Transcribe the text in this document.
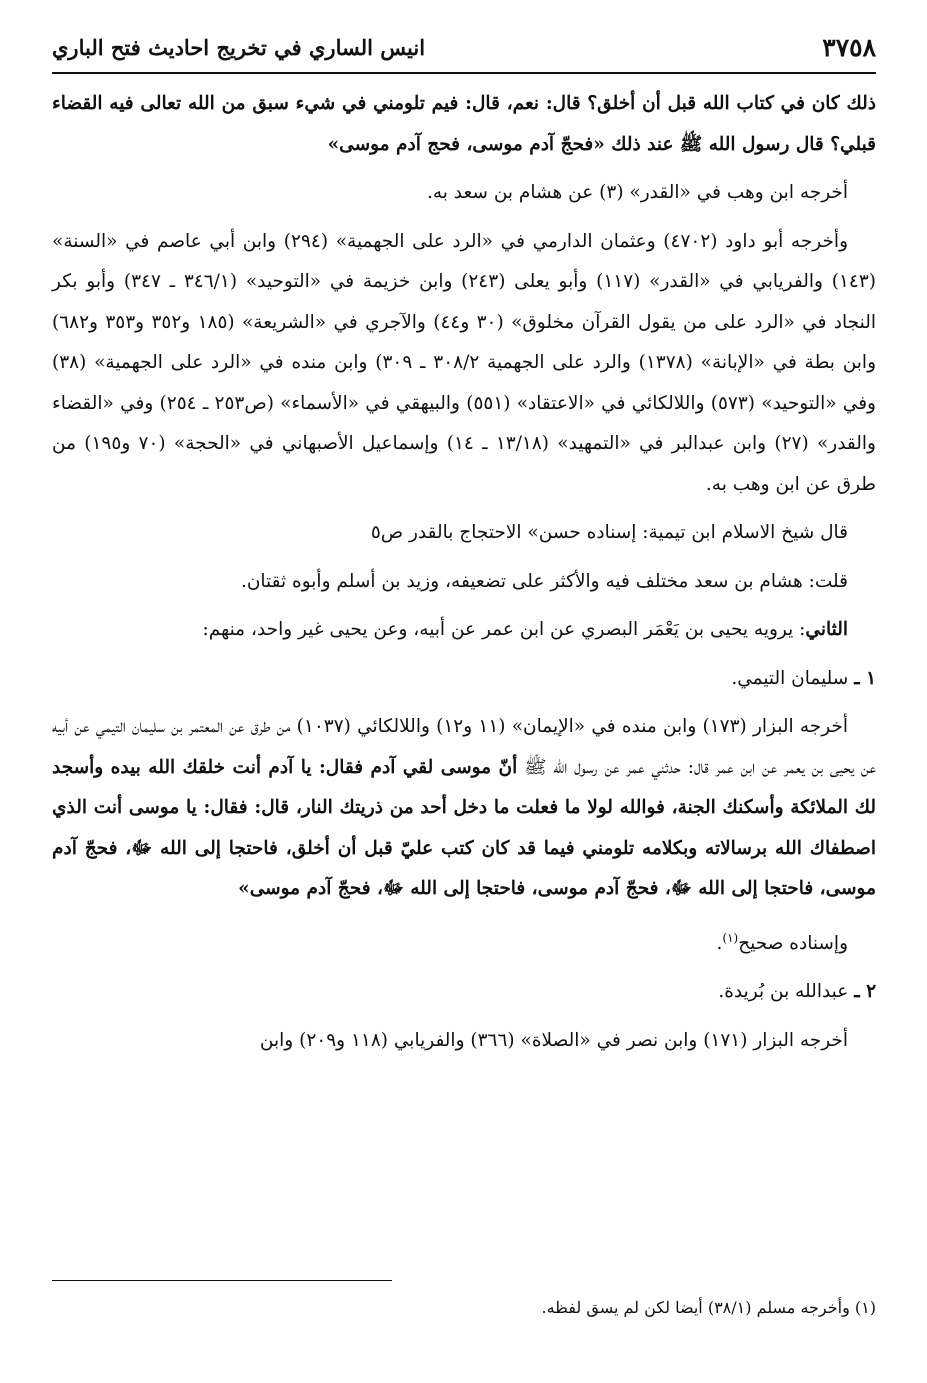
٣٧٥٨
انيس الساري في تخريج احاديث فتح الباري

ذلك كان في كتاب الله قبل أن أخلق؟ قال: نعم، قال: فيم تلومني في شيء سبق من الله تعالى فيه القضاء قبلي؟ قال رسول الله ﷺ عند ذلك «فحجّ آدم موسى، فحج آدم موسى»

أخرجه ابن وهب في «القدر» (٣) عن هشام بن سعد به.

وأخرجه أبو داود (٤٧٠٢) وعثمان الدارمي في «الرد على الجهمية» (٢٩٤) وابن أبي عاصم في «السنة» (١٤٣) والفريابي في «القدر» (١١٧) وأبو يعلى (٢٤٣) وابن خزيمة في «التوحيد» (٣٤٦/١ ـ ٣٤٧) وأبو بكر النجاد في «الرد على من يقول القرآن مخلوق» (٣٠ و٤٤) والآجري في «الشريعة» (١٨٥ و٣٥٢ و٣٥٣ و٦٨٢) وابن بطة في «الإبانة» (١٣٧٨) والرد على الجهمية ٣٠٨/٢ ـ ٣٠٩) وابن منده في «الرد على الجهمية» (٣٨) وفي «التوحيد» (٥٧٣) واللالكائي في «الاعتقاد» (٥٥١) والبيهقي في «الأسماء» (ص٢٥٣ ـ ٢٥٤) وفي «القضاء والقدر» (٢٧) وابن عبدالبر في «التمهيد» (١٣/١٨ ـ ١٤) وإسماعيل الأصبهاني في «الحجة» (٧٠ و١٩٥) من طرق عن ابن وهب به.

قال شيخ الاسلام ابن تيمية: إسناده حسن» الاحتجاج بالقدر ص٥

قلت: هشام بن سعد مختلف فيه والأكثر على تضعيفه، وزيد بن أسلم وأبوه ثقتان.

الثاني: يرويه يحيى بن يَعْمَر البصري عن ابن عمر عن أبيه، وعن يحيى غير واحد، منهم:

١ ـ سليمان التيمي.

أخرجه البزار (١٧٣) وابن منده في «الإيمان» (١١ و١٢) واللالكائي (١٠٣٧) من طرق عن المعتمر بن سليمان التيمي عن أبيه عن يحيى بن يعمر عن ابن عمر قال: حدثني عمر عن رسول الله ﷺ أنّ موسى لقي آدم فقال: يا آدم أنت خلقك الله بيده وأسجد لك الملائكة وأسكنك الجنة، فوالله لولا ما فعلت ما دخل أحد من ذريتك النار، قال: فقال: يا موسى أنت الذي اصطفاك الله برسالاته وبكلامه تلومني فيما قد كان كتب عليّ قبل أن أخلق، فاحتجا إلى الله ﷻ، فحجّ آدم موسى، فاحتجا إلى الله ﷻ، فحجّ آدم موسى، فاحتجا إلى الله ﷻ، فحجّ آدم موسى»

وإسناده صحيح$^{(١)}$.

٢ ـ عبدالله بن بُريدة.

أخرجه البزار (١٧١) وابن نصر في «الصلاة» (٣٦٦) والفريابي (١١٨ و٢٠٩) وابن

(١) وأخرجه مسلم (٣٨/١) أيضا لكن لم يسق لفظه.
